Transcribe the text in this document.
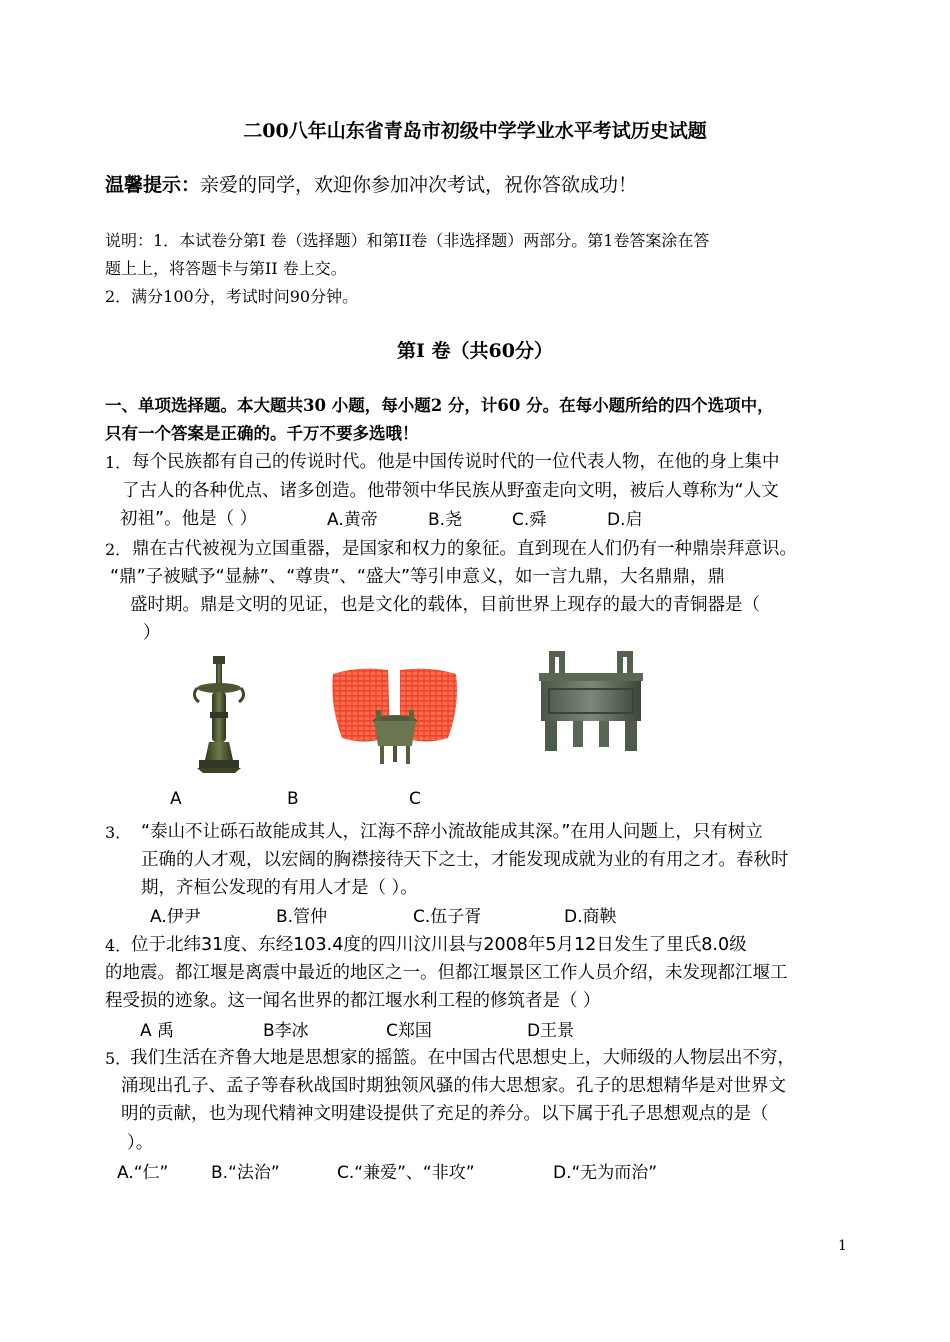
二00八年山东省青岛市初级中学学业水平考试历史试题
温馨提示：亲爱的同学，欢迎你参加冲次考试，祝你答欲成功！
说明：1．本试卷分第Ⅰ 卷（选择题）和第II卷（非选择题）两部分。第1卷答案涂在答
题上上，将答题卡与第II 卷上交。
2．满分100分，考试时问90分钟。
第Ⅰ 卷（共60分）
一、单项选择题。本大题共30 小题，每小题2 分，计60 分。在每小题所给的四个选项中，
只有一个答案是正确的。千万不要多选哦！
1． 每个民族都有自己的传说时代。他是中国传说时代的一位代表人物，在他的身上集中
了古人的各种优点、诸多创造。他带领中华民族从野蛮走向文明，被后人尊称为“人文
初祖”。他是（ ）	A.黄帝	B.尧	C.舜	D.启
2． 鼎在古代被视为立国重器，是国家和权力的象征。直到现在人们仍有一种鼎崇拜意识。
“鼎”子被赋予“显赫”、“尊贵”、“盛大”等引申意义，如一言九鼎，大名鼎鼎，鼎
盛时期。鼎是文明的见证，也是文化的载体，目前世界上现存的最大的青铜器是（
）
A	B	C
3． “泰山不让砾石故能成其人，江海不辞小流故能成其深。”在用人问题上，只有树立
正确的人才观，以宏阔的胸襟接待天下之士，才能发现成就为业的有用之才。春秋时
期，齐桓公发现的有用人才是（ ）。
A.伊尹	B.管仲	C.伍子胥	D.商鞅
4． 位于北纬31度、东经103.4度的四川汶川县与2008年5月12日发生了里氏8.0级
的地震。都江堰是离震中最近的地区之一。但都江堰景区工作人员介绍，未发现都江堰工
程受损的迹象。这一闻名世界的都江堰水利工程的修筑者是（ ）
A 禹	B李冰	C郑国	D王景
5．
我们生活在齐鲁大地是思想家的摇篮。在中国古代思想史上，大师级的人物层出不穷，
涌现出孔子、孟子等春秋战国时期独领风骚的伟大思想家。孔子的思想精华是对世界文
明的贡献，也为现代精神文明建设提供了充足的养分。以下属于孔子思想观点的是（
）。
A.“仁”	B.“法治”	C.“兼爱”、“非攻”	D.“无为而治”
1
